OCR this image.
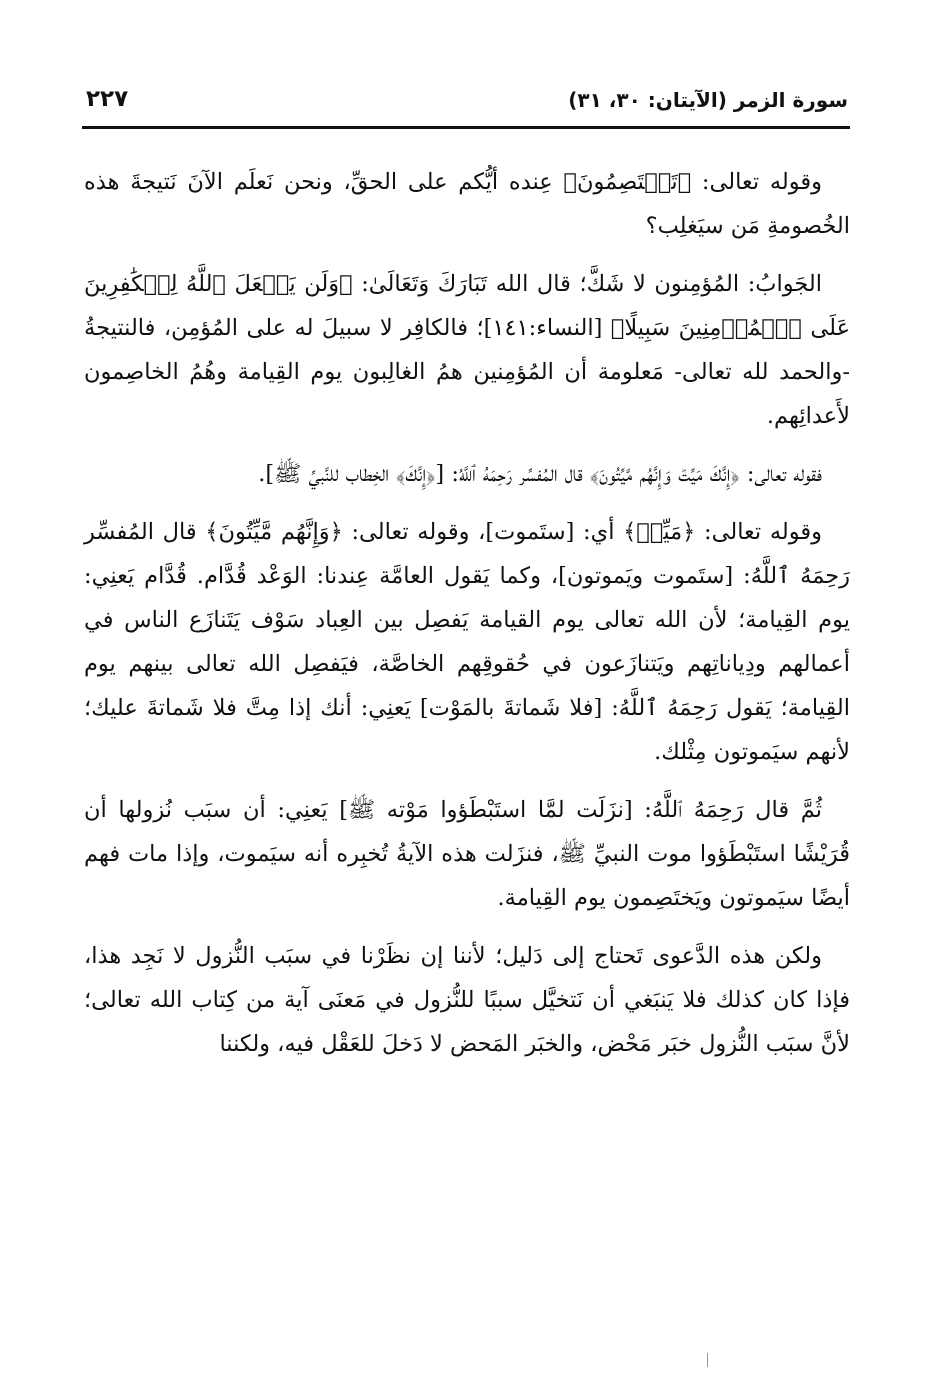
سورة الزمر (الآيتان: ٣٠، ٣١)
٢٢٧

وقوله تعالى: ﴿تَخۡتَصِمُونَ﴾ عِنده أيُّكم على الحقِّ، ونحن نَعلَم الآنَ نَتيجةَ هذه الخُصومةِ مَن سيَغلِب؟

الجَوابُ: المُؤمِنون لا شَكَّ؛ قال الله تَبَارَكَ وَتَعَالَىٰ: ﴿وَلَن يَجۡعَلَ ٱللَّهُ لِلۡكَٰفِرِينَ عَلَى ٱلۡمُؤۡمِنِينَ سَبِيلًا﴾ [النساء:١٤١]؛ فالكافِر لا سبيلَ له على المُؤمِن، فالنتيجةُ -والحمد لله تعالى- مَعلومة أن المُؤمِنين همُ الغالِبون يوم القِيامة وهُمُ الخاصِمون لأَعدائِهم.

فقوله تعالى: ﴿إِنَّكَ مَيِّتٞ وَإِنَّهُم مَّيِّتُونَ﴾ قال المُفسِّر رَحِمَهُ ٱللَّهُ: [﴿إِنَّكَ﴾ الخِطاب للنَّبيِّ ﷺ].

وقوله تعالى: ﴿مَيِّتٞ﴾ أي: [ستَموت]، وقوله تعالى: ﴿وَإِنَّهُم مَّيِّتُونَ﴾ قال المُفسِّر رَحِمَهُ ٱللَّهُ: [ستَموت ويَموتون]، وكما يَقول العامَّة عِندنا: الوَعْد قُدَّام. قُدَّام يَعنِي: يوم القِيامة؛ لأن الله تعالى يوم القيامة يَفصِل بين العِباد سَوْف يَتَنازَع الناس في أعمالهم ودِياناتِهم ويَتنازَعون في حُقوقِهم الخاصَّة، فيَفصِل الله تعالى بينهم يوم القِيامة؛ يَقول رَحِمَهُ ٱللَّهُ: [فلا شَماتةَ بالمَوْت] يَعنِي: أنك إذا مِتَّ فلا شَماتةَ عليك؛ لأنهم سيَموتون مِثْلك.

ثُمَّ قال رَحِمَهُ ٱللَّهُ: [نزَلَت لمَّا استَبْطَؤوا مَوْته ﷺ] يَعنِي: أن سبَب نُزولها أن قُرَيْشًا استَبْطَؤوا موت النبيِّ ﷺ، فنزَلت هذه الآيةُ تُخبِره أنه سيَموت، وإذا مات فهم أيضًا سيَموتون ويَختَصِمون يوم القِيامة.

ولكن هذه الدَّعوى تَحتاج إلى دَليل؛ لأننا إن نظَرْنا في سبَب النُّزول لا نَجِد هذا، فإذا كان كذلك فلا يَنبَغي أن نَتخيَّل سببًا للنُّزول في مَعنَى آية من كِتاب الله تعالى؛ لأنَّ سبَب النُّزول خبَر مَحْض، والخبَر المَحض لا دَخلَ للعَقْل فيه، ولكننا
